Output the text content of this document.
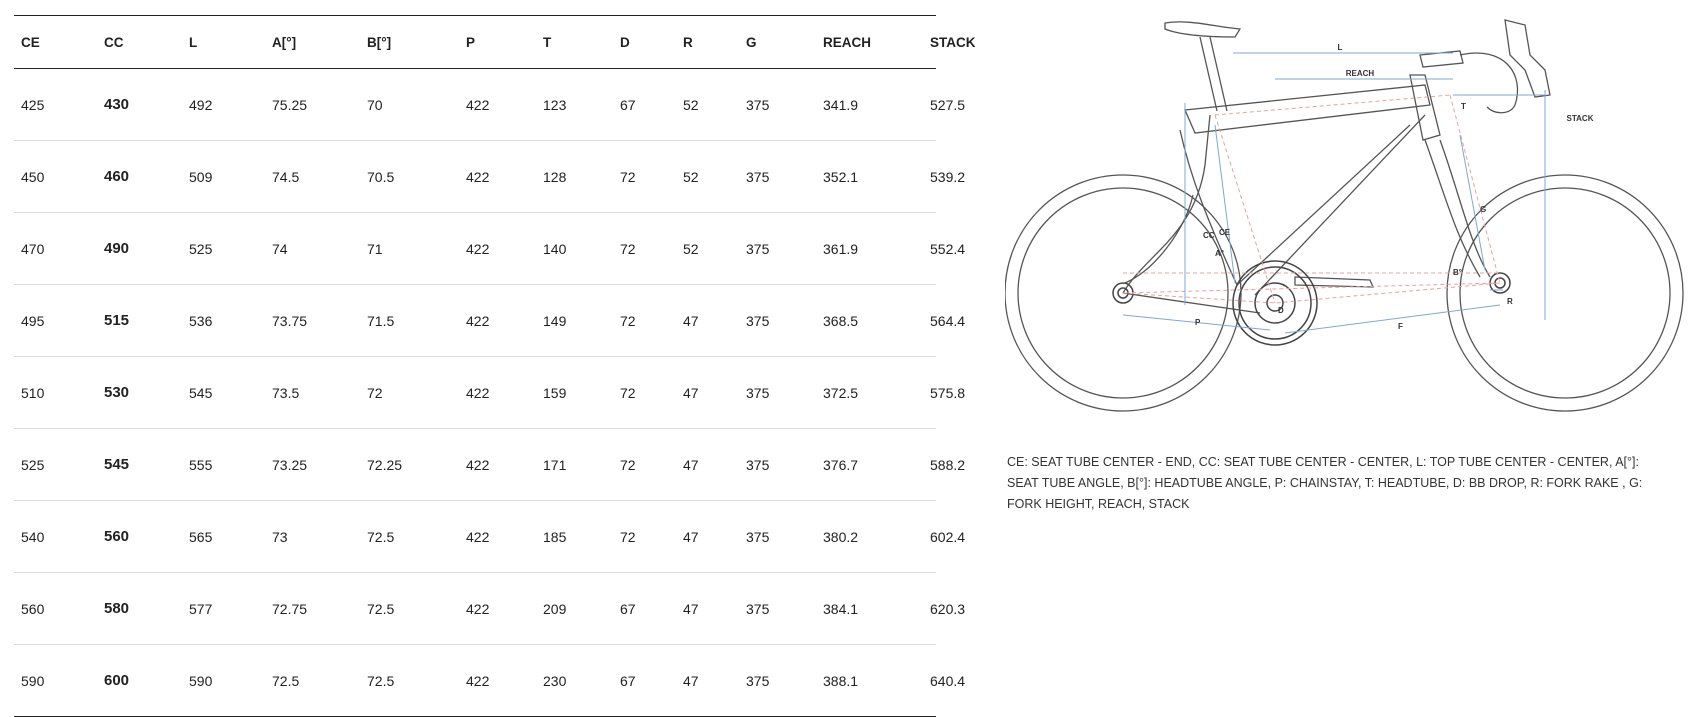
CE	CC	L	A[°]	B[°]	P	T	D	R	G	REACH	STACK
425	430	492	75.25	70	422	123	67	52	375	341.9	527.5
450	460	509	74.5	70.5	422	128	72	52	375	352.1	539.2
470	490	525	74	71	422	140	72	52	375	361.9	552.4
495	515	536	73.75	71.5	422	149	72	47	375	368.5	564.4
510	530	545	73.5	72	422	159	72	47	375	372.5	575.8
525	545	555	73.25	72.25	422	171	72	47	375	376.7	588.2
540	560	565	73	72.5	422	185	72	47	375	380.2	602.4
560	580	577	72.75	72.5	422	209	67	47	375	384.1	620.3
590	600	590	72.5	72.5	422	230	67	47	375	388.1	640.4
L
REACH
STACK
T
G
CC CE
A°
B°
D
P	F
R
CE: SEAT TUBE CENTER - END, CC: SEAT TUBE CENTER - CENTER, L: TOP TUBE CENTER - CENTER, A[°]: SEAT TUBE ANGLE, B[°]: HEADTUBE ANGLE, P: CHAINSTAY, T: HEADTUBE, D: BB DROP, R: FORK RAKE , G: FORK HEIGHT, REACH, STACK
